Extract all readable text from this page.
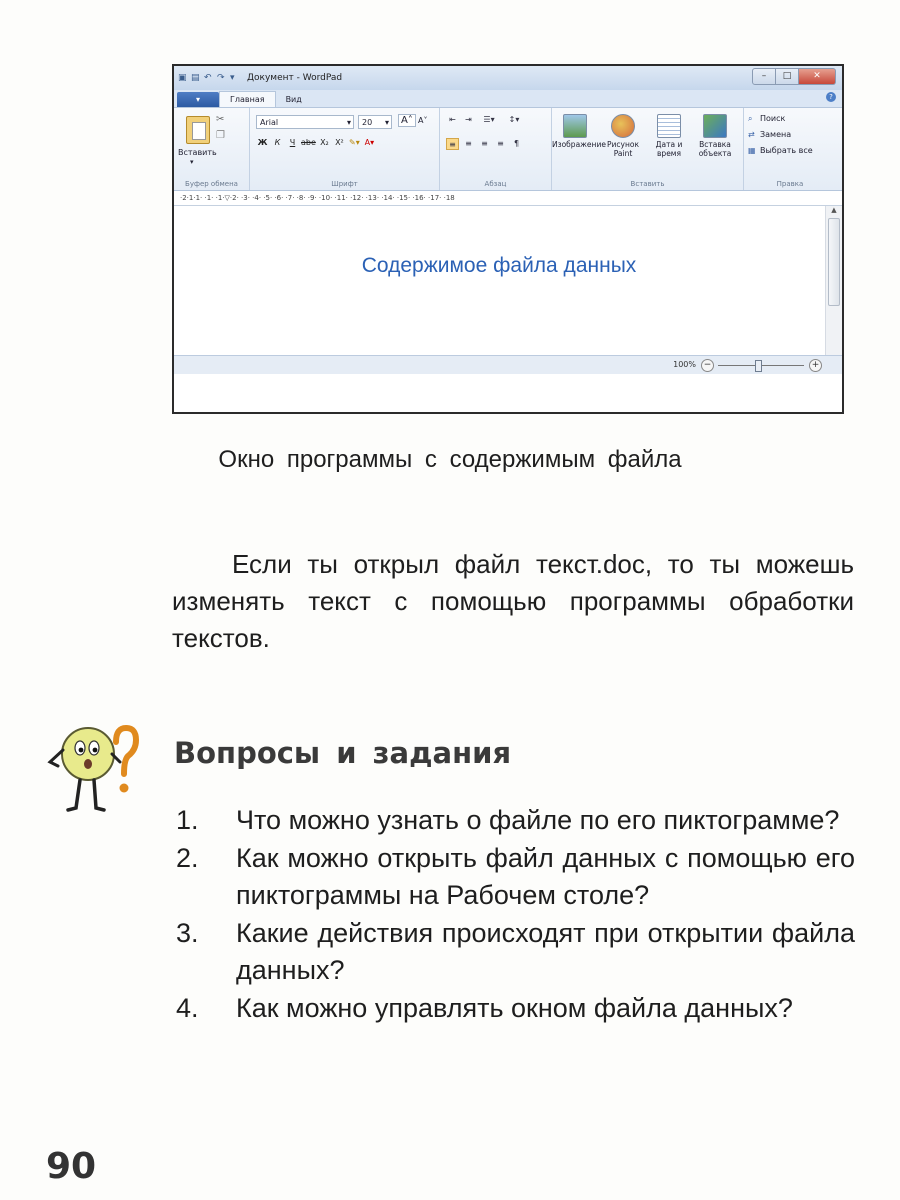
▣ ▤ ↶ ↷ ▾	Документ - WordPad	–	□	✕
▾	Главная	Вид	?
✂
❐
Вставить
▾
Буфер обмена
Arial	▾	20 ▾	A˄ A˅
Ж К	Ч abe X₂ X² ✎▾ A▾
Шрифт
⇤	⇥	☰▾	↕▾
≡	≡	≡	≡	¶
Абзац
Изображение Рисунок Paint
Дата и время
Вставка объекта
Вставить
⌕ Поиск
⇄ Замена
▦ Выбрать все
Правка
·2·1·1· ·1· ·1·▽·2· ·3· ·4· ·5· ·6· ·7· ·8· ·9· ·10· ·11· ·12· ·13· ·14· ·15· ·16· ·17· ·18
Содержимое файла данных
▲
100% −	+
Окно программы с содержимым файла

Если ты открыл файл текст.doc, то ты можешь изменять текст с помощью программы обработки текстов.

Вопросы и задания
1. Что можно узнать о файле по его пиктограмме?
2. Как можно открыть файл данных с помощью его пиктограммы на Рабочем столе?
3. Какие действия происходят при открытии файла данных?
4. Как можно управлять окном файла данных?
90
